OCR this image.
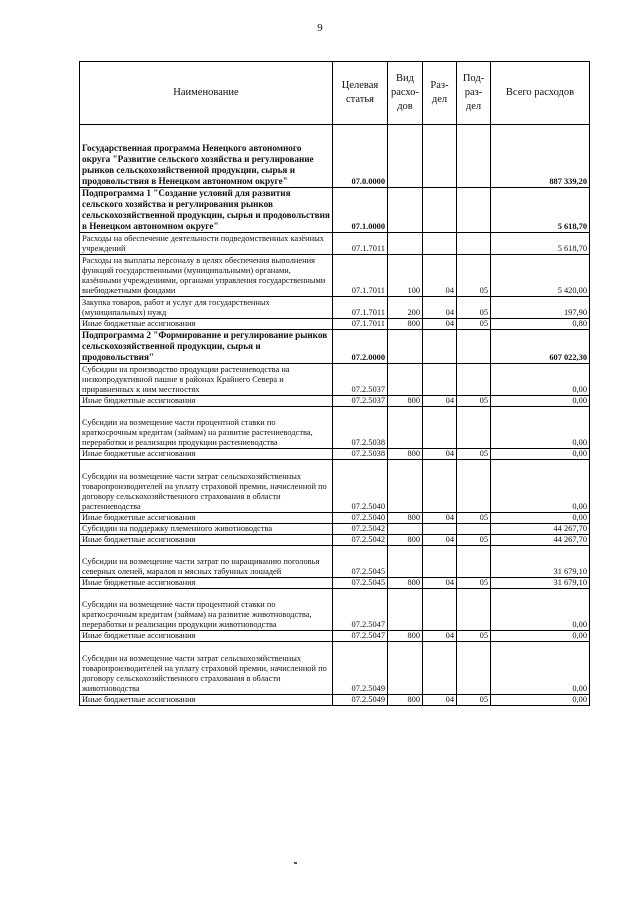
9
Наименование	Целевая статья	Вид расхо-дов	Раз-дел	Под-раз-дел	Всего расходов
Государственная программа Ненецкого автономного округа "Развитие сельского хозяйства и регулирование рынков сельскохозяйственной продукции, сырья и продовольствия в Ненецком автономном округе"	07.0.0000				887 339,20
Подпрограмма 1 "Создание условий для развития сельского хозяйства и регулирования рынков сельскохозяйственной продукции, сырья и продовольствия в Ненецком автономном округе"	07.1.0000				5 618,70
Расходы на обеспечение деятельности подведомственных казённых учреждений	07.1.7011				5 618,70
Расходы на выплаты персоналу в целях обеспечения выполнения функций государственными (муниципальными) органами, казёнными учреждениями, органами управления государственными внебюджетными фондами	07.1.7011	100	04	05	5 420,00
Закупка товаров, работ и услуг для государственных (муниципальных) нужд	07.1.7011	200	04	05	197,90
Иные бюджетные ассигнования	07.1.7011	800	04	05	0,80
Подпрограмма 2 "Формирование и регулирование рынков сельскохозяйственной продукции, сырья и продовольствия"	07.2.0000				607 022,30
Субсидии на производство продукции растениеводства на низкопродуктивной пашне в районах Крайнего Севера и приравненных к ним местностях	07.2.5037				0,00
Иные бюджетные ассигнования	07.2.5037	800	04	05	0,00
Субсидии на возмещение части процентной ставки по краткосрочным кредитам (займам) на развитие растениеводства, переработки и реализации продукции растениеводства	07.2.5038				0,00
Иные бюджетные ассигнования	07.2.5038	800	04	05	0,00
Субсидии на возмещение части затрат сельскохозяйственных товаропроизводителей на уплату страховой премии, начисленной по договору сельскохозяйственного страхования в области растениеводства	07.2.5040				0,00
Иные бюджетные ассигнования	07.2.5040	800	04	05	0,00
Субсидии на поддержку племенного животноводства	07.2.5042				44 267,70
Иные бюджетные ассигнования	07.2.5042	800	04	05	44 267,70
Субсидии на возмещение части затрат по наращиванию поголовья северных оленей, маралов и мясных табунных лошадей	07.2.5045				31 679,10
Иные бюджетные ассигнования	07.2.5045	800	04	05	31 679,10
Субсидии на возмещение части процентной ставки по краткосрочным кредитам (займам) на развитие животноводства, переработки и реализации продукции животноводства	07.2.5047				0,00
Иные бюджетные ассигнования	07.2.5047	800	04	05	0,00
Субсидии на возмещение части затрат сельскохозяйственных товаропроизводителей на уплату страховой премии, начисленной по договору сельскохозяйственного страхования в области животноводства	07.2.5049				0,00
Иные бюджетные ассигнования	07.2.5049	800	04	05	0,00
